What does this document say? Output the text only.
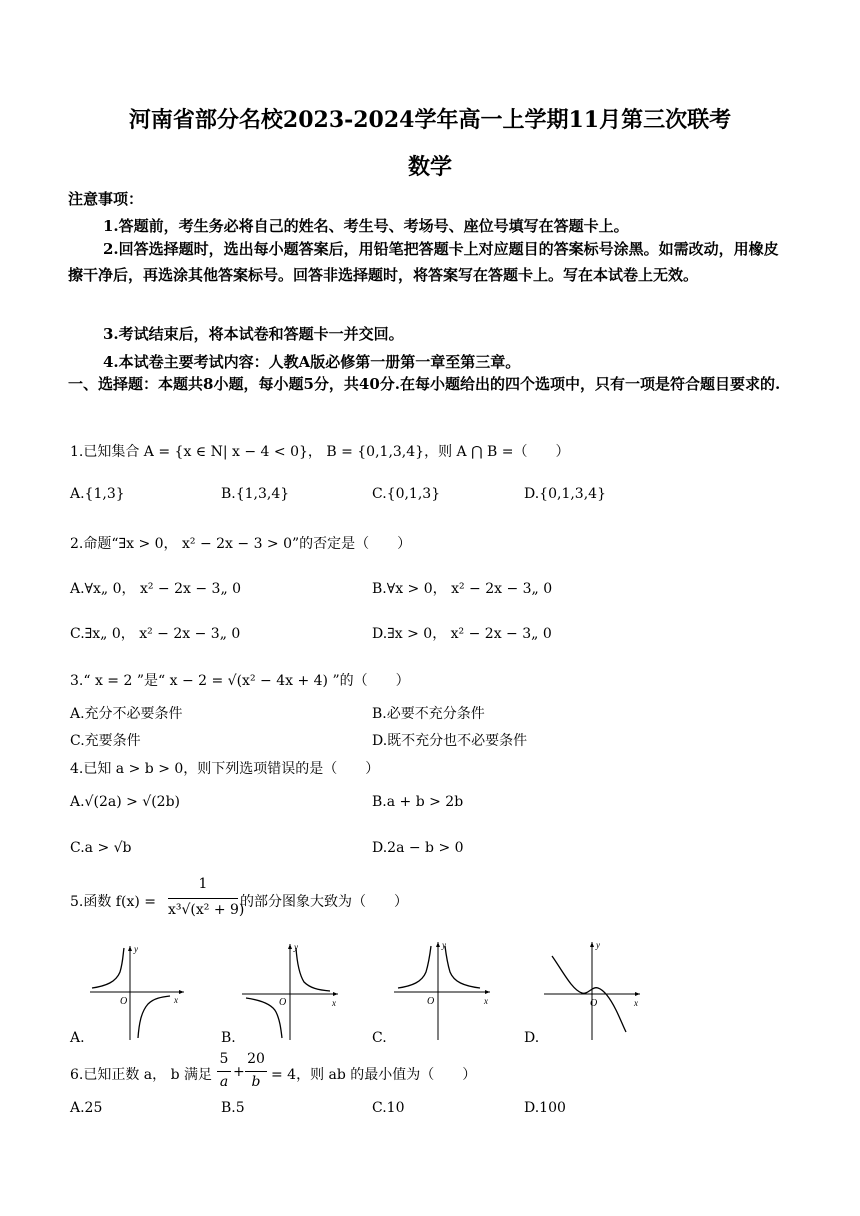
河南省部分名校2023-2024学年高一上学期11月第三次联考
数学
注意事项：
1.答题前，考生务必将自己的姓名、考生号、考场号、座位号填写在答题卡上。
2.回答选择题时，选出每小题答案后，用铅笔把答题卡上对应题目的答案标号涂黑。如需改动，用橡皮擦干净后，再选涂其他答案标号。回答非选择题时，将答案写在答题卡上。写在本试卷上无效。
3.考试结束后，将本试卷和答题卡一并交回。
4.本试卷主要考试内容：人教A版必修第一册第一章至第三章。
一、选择题：本题共8小题，每小题5分，共40分.在每小题给出的四个选项中，只有一项是符合题目要求的.
1.已知集合 A = {x ∈ N| x − 4 < 0}， B = {0,1,3,4}，则 A ⋂ B =（　　）
A.{1,3}	B.{1,3,4}	C.{0,1,3}	D.{0,1,3,4}
2.命题“∃x > 0， x² − 2x − 3 > 0”的否定是（　　）
A.∀x„ 0， x² − 2x − 3„ 0	B.∀x > 0， x² − 2x − 3„ 0
C.∃x„ 0， x² − 2x − 3„ 0	D.∃x > 0， x² − 2x − 3„ 0
3.“ x = 2 ”是“ x − 2 = √(x² − 4x + 4) ”的（　　）
A.充分不必要条件	B.必要不充分条件
C.充要条件	D.既不充分也不必要条件
4.已知 a > b > 0，则下列选项错误的是（　　）
A.√(2a) > √(2b)	B.a + b > 2b
C.a > √b	D.2a − b > 0
5.函数 f(x) =
1
x³√(x² + 9)
的部分图象大致为（　　）
O	x
y
O	x
y
O	x
y
O	x
y
A.	B.	C.	D.
6.已知正数 a， b 满足
5
a
+
20
b = 4，则 ab 的最小值为（　　）
A.25	B.5	C.10	D.100
